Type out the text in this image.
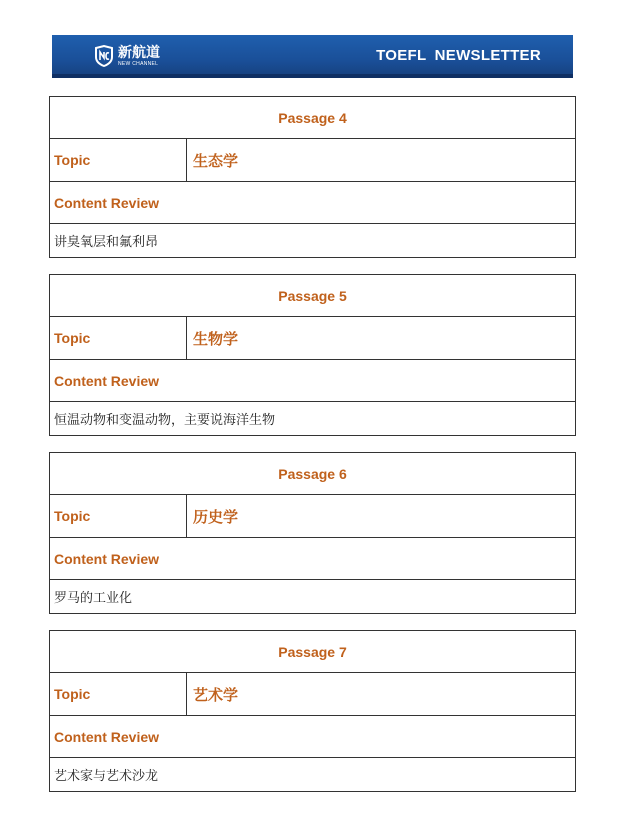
新航道
NEW CHANNEL	TOEFL NEWSLETTER
Passage 4
Topic	生态学
Content Review
讲臭氧层和氟利昂
Passage 5
Topic	生物学
Content Review
恒温动物和变温动物，主要说海洋生物
Passage 6
Topic	历史学
Content Review
罗马的工业化
Passage 7
Topic	艺术学
Content Review
艺术家与艺术沙龙
